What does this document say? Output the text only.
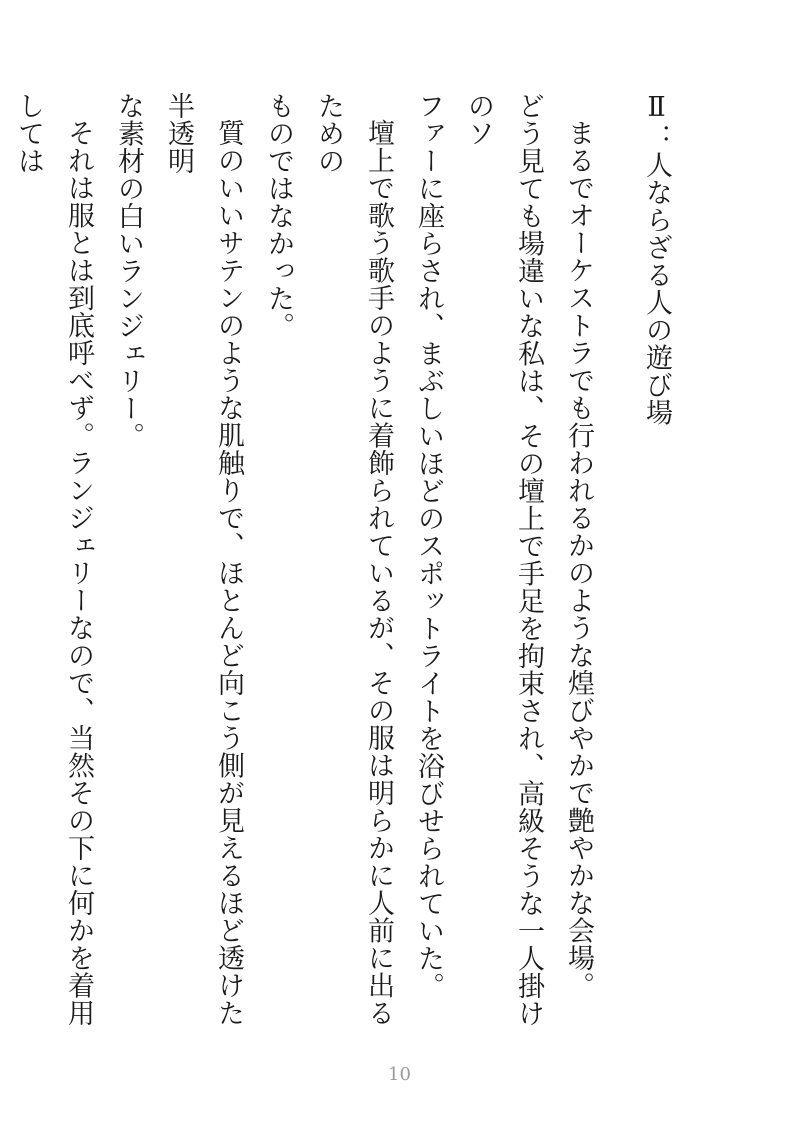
Ⅱ：人ならざる人の遊び場

まるでオーケストラでも行われるかのような煌びやかで艶やかな会場。

どう見ても場違いな私は、その壇上で手足を拘束され、高級そうな一人掛けのソ

ファーに座らされ、まぶしいほどのスポットライトを浴びせられていた。

壇上で歌う歌手のように着飾られているが、その服は明らかに人前に出るための

ものではなかった。

質のいいサテンのような肌触りで、ほとんど向こう側が見えるほど透けた半透明

な素材の白いランジェリー。

それは服とは到底呼べず。ランジェリーなので、当然その下に何かを着用しては

10
